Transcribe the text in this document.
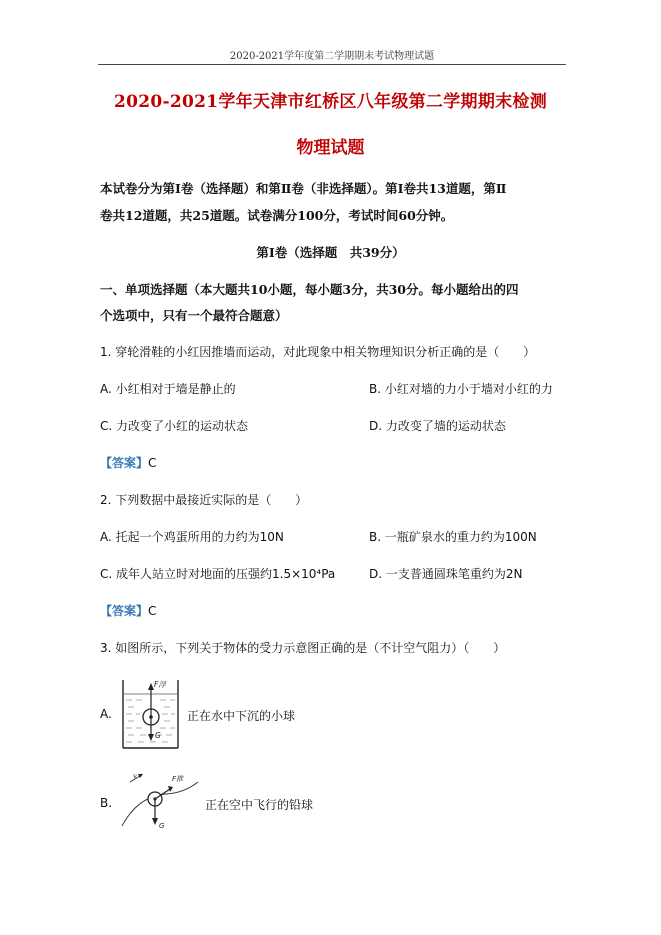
2020-2021学年度第二学期期末考试物理试题
2020-2021学年天津市红桥区八年级第二学期期末检测
物理试题
本试卷分为第Ⅰ卷（选择题）和第Ⅱ卷（非选择题）。第Ⅰ卷共13道题，第Ⅱ
卷共12道题，共25道题。试卷满分100分，考试时间60分钟。
第Ⅰ卷（选择题　共39分）
一、单项选择题（本大题共10小题，每小题3分，共30分。每小题给出的四
个选项中，只有一个最符合题意）
1. 穿轮滑鞋的小红因推墙而运动，对此现象中相关物理知识分析正确的是（　　）
A. 小红相对于墙是静止的	B. 小红对墙的力小于墙对小红的力
C. 力改变了小红的运动状态	D. 力改变了墙的运动状态
【答案】C
2. 下列数据中最接近实际的是（　　）
A. 托起一个鸡蛋所用的力约为10N	B. 一瓶矿泉水的重力约为100N
C. 成年人站立时对地面的压强约1.5×10⁴Pa	D. 一支普通圆珠笔重约为2N
【答案】C
3. 如图所示，下列关于物体的受力示意图正确的是（不计空气阻力）（　　）
A.
F浮
G
正在水中下沉的小球
B.
v	F推
G
正在空中飞行的铅球
